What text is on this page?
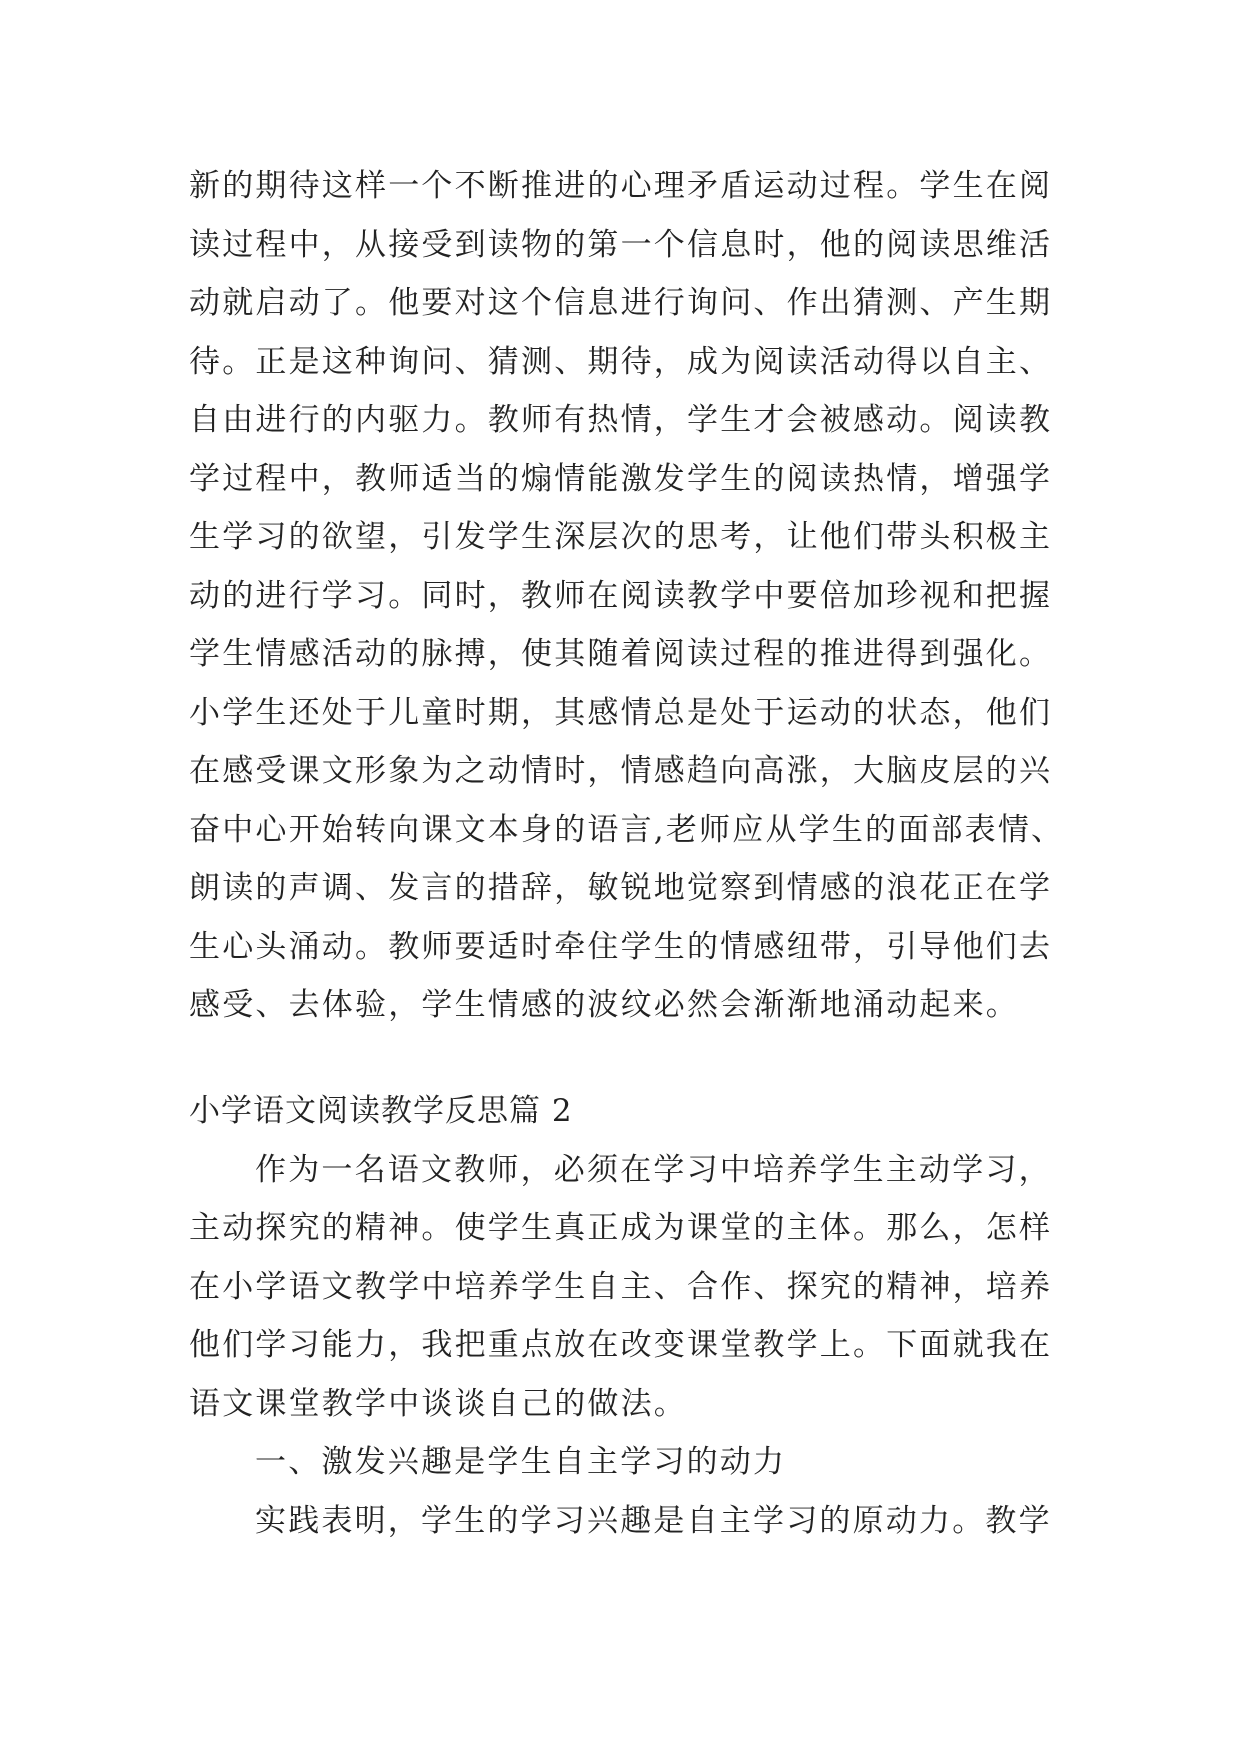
新的期待这样一个不断推进的心理矛盾运动过程。学生在阅
读过程中，从接受到读物的第一个信息时，他的阅读思维活
动就启动了。他要对这个信息进行询问、作出猜测、产生期
待。正是这种询问、猜测、期待，成为阅读活动得以自主、
自由进行的内驱力。教师有热情，学生才会被感动。阅读教
学过程中，教师适当的煽情能激发学生的阅读热情，增强学
生学习的欲望，引发学生深层次的思考，让他们带头积极主
动的进行学习。同时，教师在阅读教学中要倍加珍视和把握
学生情感活动的脉搏，使其随着阅读过程的推进得到强化。
小学生还处于儿童时期，其感情总是处于运动的状态，他们
在感受课文形象为之动情时，情感趋向高涨，大脑皮层的兴
奋中心开始转向课文本身的语言,老师应从学生的面部表情、
朗读的声调、发言的措辞，敏锐地觉察到情感的浪花正在学
生心头涌动。教师要适时牵住学生的情感纽带，引导他们去
感受、去体验，学生情感的波纹必然会渐渐地涌动起来。
小学语文阅读教学反思篇 2
作为一名语文教师，必须在学习中培养学生主动学习，
主动探究的精神。使学生真正成为课堂的主体。那么，怎样
在小学语文教学中培养学生自主、合作、探究的精神，培养
他们学习能力，我把重点放在改变课堂教学上。下面就我在
语文课堂教学中谈谈自己的做法。
一、激发兴趣是学生自主学习的动力
实践表明，学生的学习兴趣是自主学习的原动力。教学
